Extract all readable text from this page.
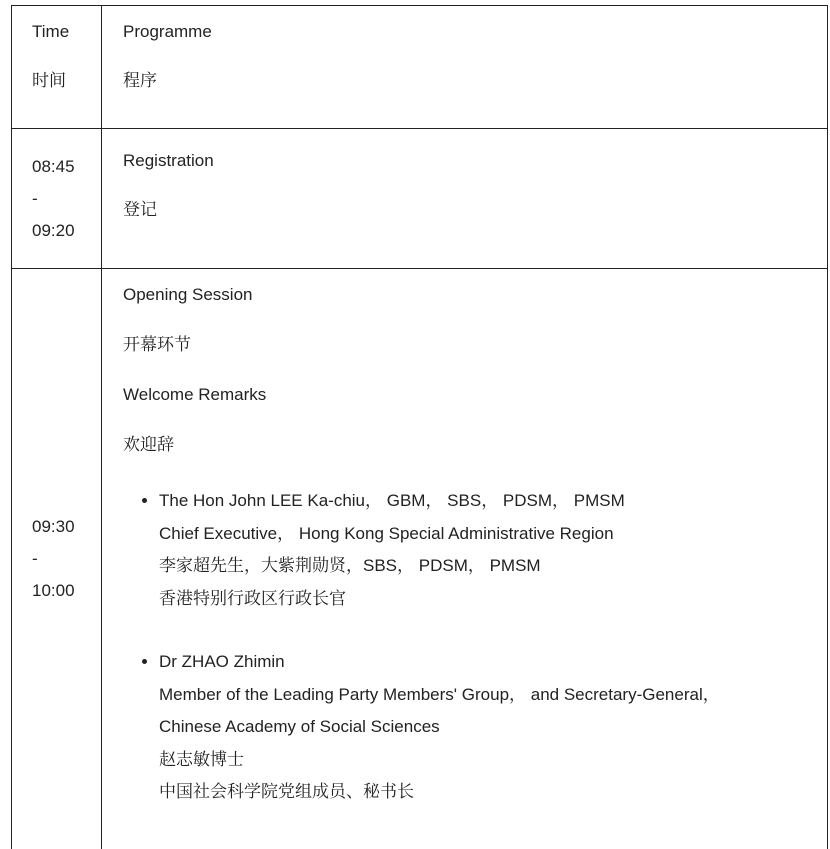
Time
时间
Programme
程序
08:45
-
09:20
Registration
登记
09:30
-
10:00
Opening Session
开幕环节
Welcome Remarks
欢迎辞
• The Hon John LEE Ka-chiu， GBM， SBS， PDSM， PMSM
Chief Executive， Hong Kong Special Administrative Region
李家超先生，大紫荆勋贤，SBS， PDSM， PMSM
香港特别行政区行政长官
• Dr ZHAO Zhimin
Member of the Leading Party Members' Group， and Secretary-General，
Chinese Academy of Social Sciences
赵志敏博士
中国社会科学院党组成员、秘书长
